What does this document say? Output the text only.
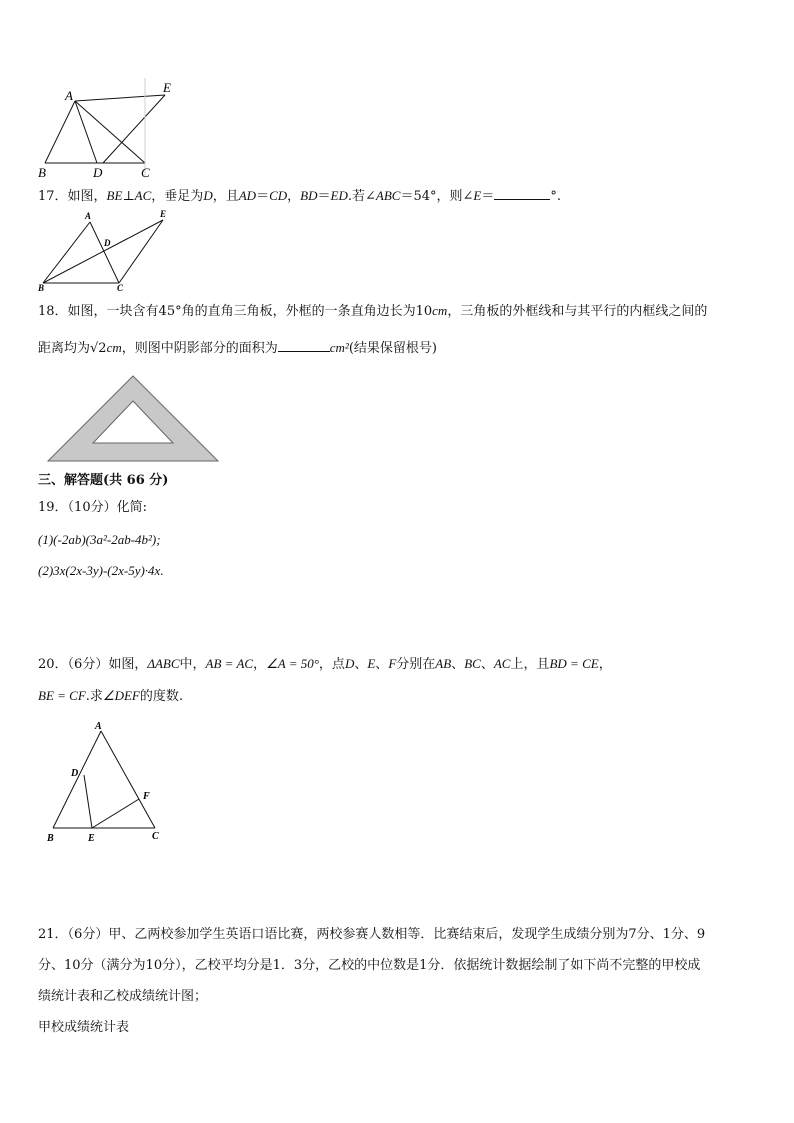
A
E
B	D	C
17．如图，BE⊥AC，垂足为D，且AD＝CD，BD＝ED.若∠ABC＝54°，则∠E＝	°.
A	E
D
B	C
18．如图，一块含有45°角的直角三角板，外框的一条直角边长为10cm，三角板的外框线和与其平行的内框线之间的
距离均为√2cm，则图中阴影部分的面积为	cm²(结果保留根号)
三、解答题(共 66 分)
19．（10分）化简:
(1)(-2ab)(3a²-2ab-4b²);
(2)3x(2x-3y)-(2x-5y)·4x.
20．（6分）如图，ΔABC中，AB = AC，∠A = 50°，点D、E、F分别在AB、BC、AC上，且BD = CE，
BE = CF.求∠DEF的度数.
A
D
F
B	E	C
21．（6分）甲、乙两校参加学生英语口语比赛，两校参赛人数相等．比赛结束后，发现学生成绩分别为7分、1分、9
分、10分（满分为10分），乙校平均分是1．3分，乙校的中位数是1分．依据统计数据绘制了如下尚不完整的甲校成
绩统计表和乙校成绩统计图；
甲校成绩统计表
